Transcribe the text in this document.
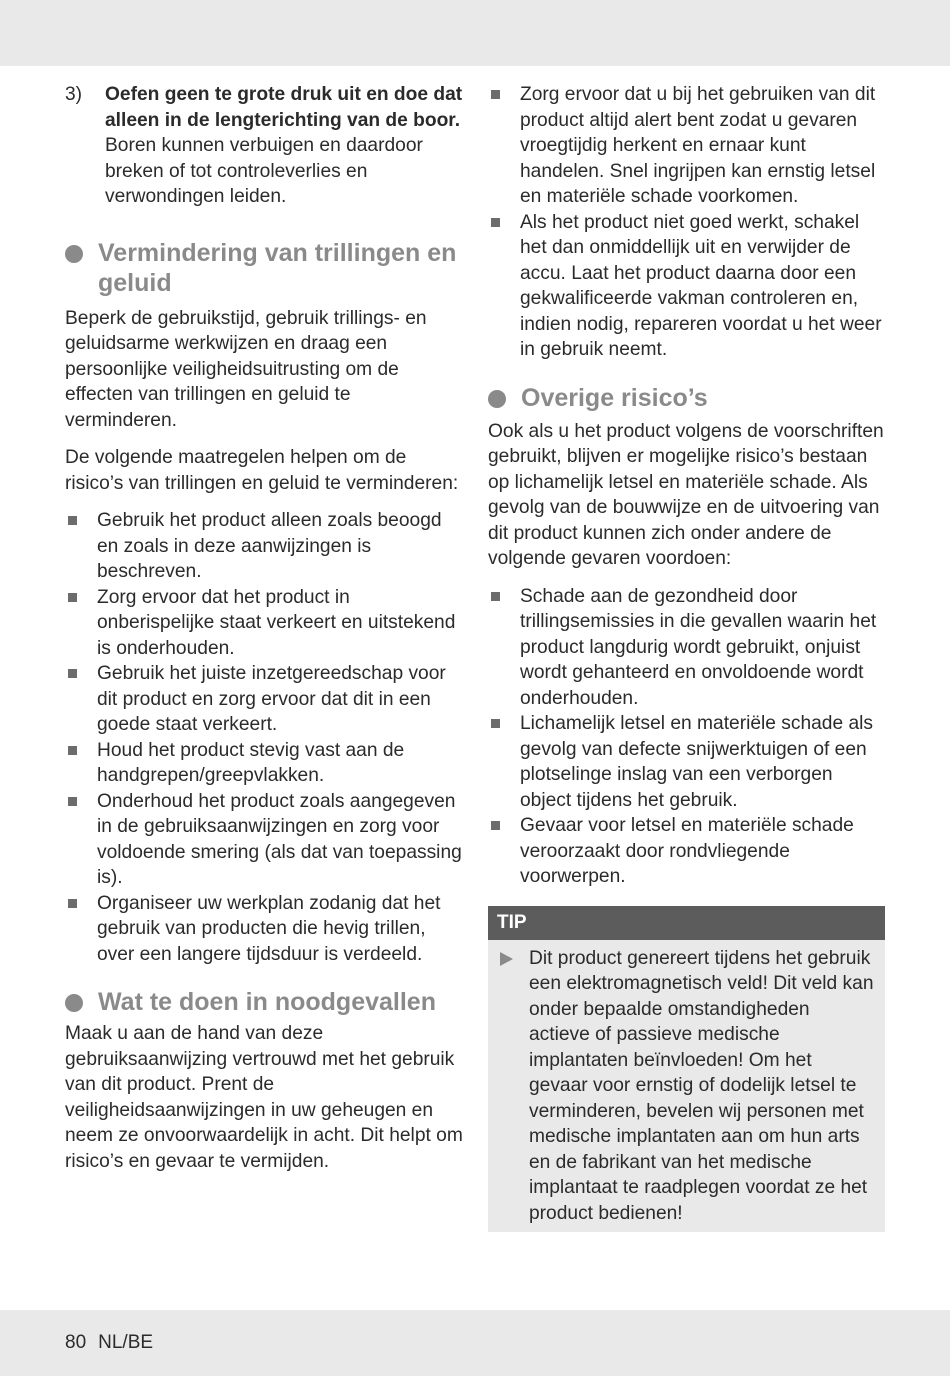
3)	Oefen geen te grote druk uit en doe dat alleen in de lengterichting van de boor. Boren kunnen verbuigen en daardoor breken of tot controleverlies en verwondingen leiden.

Vermindering van trillingen en geluid

Beperk de gebruikstijd, gebruik trillings- en geluidsarme werkwijzen en draag een persoonlijke veiligheidsuitrusting om de effecten van trillingen en geluid te verminderen.

De volgende maatregelen helpen om de risico’s van trillingen en geluid te verminderen:

Gebruik het product alleen zoals beoogd en zoals in deze aanwijzingen is beschreven.
Zorg ervoor dat het product in onberispelijke staat verkeert en uitstekend is onderhouden.
Gebruik het juiste inzetgereedschap voor dit product en zorg ervoor dat dit in een goede staat verkeert.
Houd het product stevig vast aan de handgrepen/greepvlakken.
Onderhoud het product zoals aangegeven in de gebruiksaanwijzingen en zorg voor voldoende smering (als dat van toepassing is).
Organiseer uw werkplan zodanig dat het gebruik van producten die hevig trillen, over een langere tijdsduur is verdeeld.
Wat te doen in noodgevallen

Maak u aan de hand van deze gebruiksaanwijzing vertrouwd met het gebruik van dit product. Prent de veiligheidsaanwijzingen in uw geheugen en neem ze onvoorwaardelijk in acht. Dit helpt om risico’s en gevaar te vermijden.

Zorg ervoor dat u bij het gebruiken van dit product altijd alert bent zodat u gevaren vroegtijdig herkent en ernaar kunt handelen. Snel ingrijpen kan ernstig letsel en materiële schade voorkomen.
Als het product niet goed werkt, schakel het dan onmiddellijk uit en verwijder de accu. Laat het product daarna door een gekwalificeerde vakman controleren en, indien nodig, repareren voordat u het weer in gebruik neemt.
Overige risico’s

Ook als u het product volgens de voorschriften gebruikt, blijven er mogelijke risico’s bestaan op lichamelijk letsel en materiële schade. Als gevolg van de bouwwijze en de uitvoering van dit product kunnen zich onder andere de volgende gevaren voordoen:

Schade aan de gezondheid door trillingsemissies in die gevallen waarin het product langdurig wordt gebruikt, onjuist wordt gehanteerd en onvoldoende wordt onderhouden.
Lichamelijk letsel en materiële schade als gevolg van defecte snijwerktuigen of een plotselinge inslag van een verborgen object tijdens het gebruik.
Gevaar voor letsel en materiële schade veroorzaakt door rondvliegende voorwerpen.
TIP

Dit product genereert tijdens het gebruik een elektromagnetisch veld! Dit veld kan onder bepaalde omstandigheden actieve of passieve medische implantaten beïnvloeden! Om het gevaar voor ernstig of dodelijk letsel te verminderen, bevelen wij personen met medische implantaten aan om hun arts en de fabrikant van het medische implantaat te raadplegen voordat ze het product bedienen!

80 NL/BE
